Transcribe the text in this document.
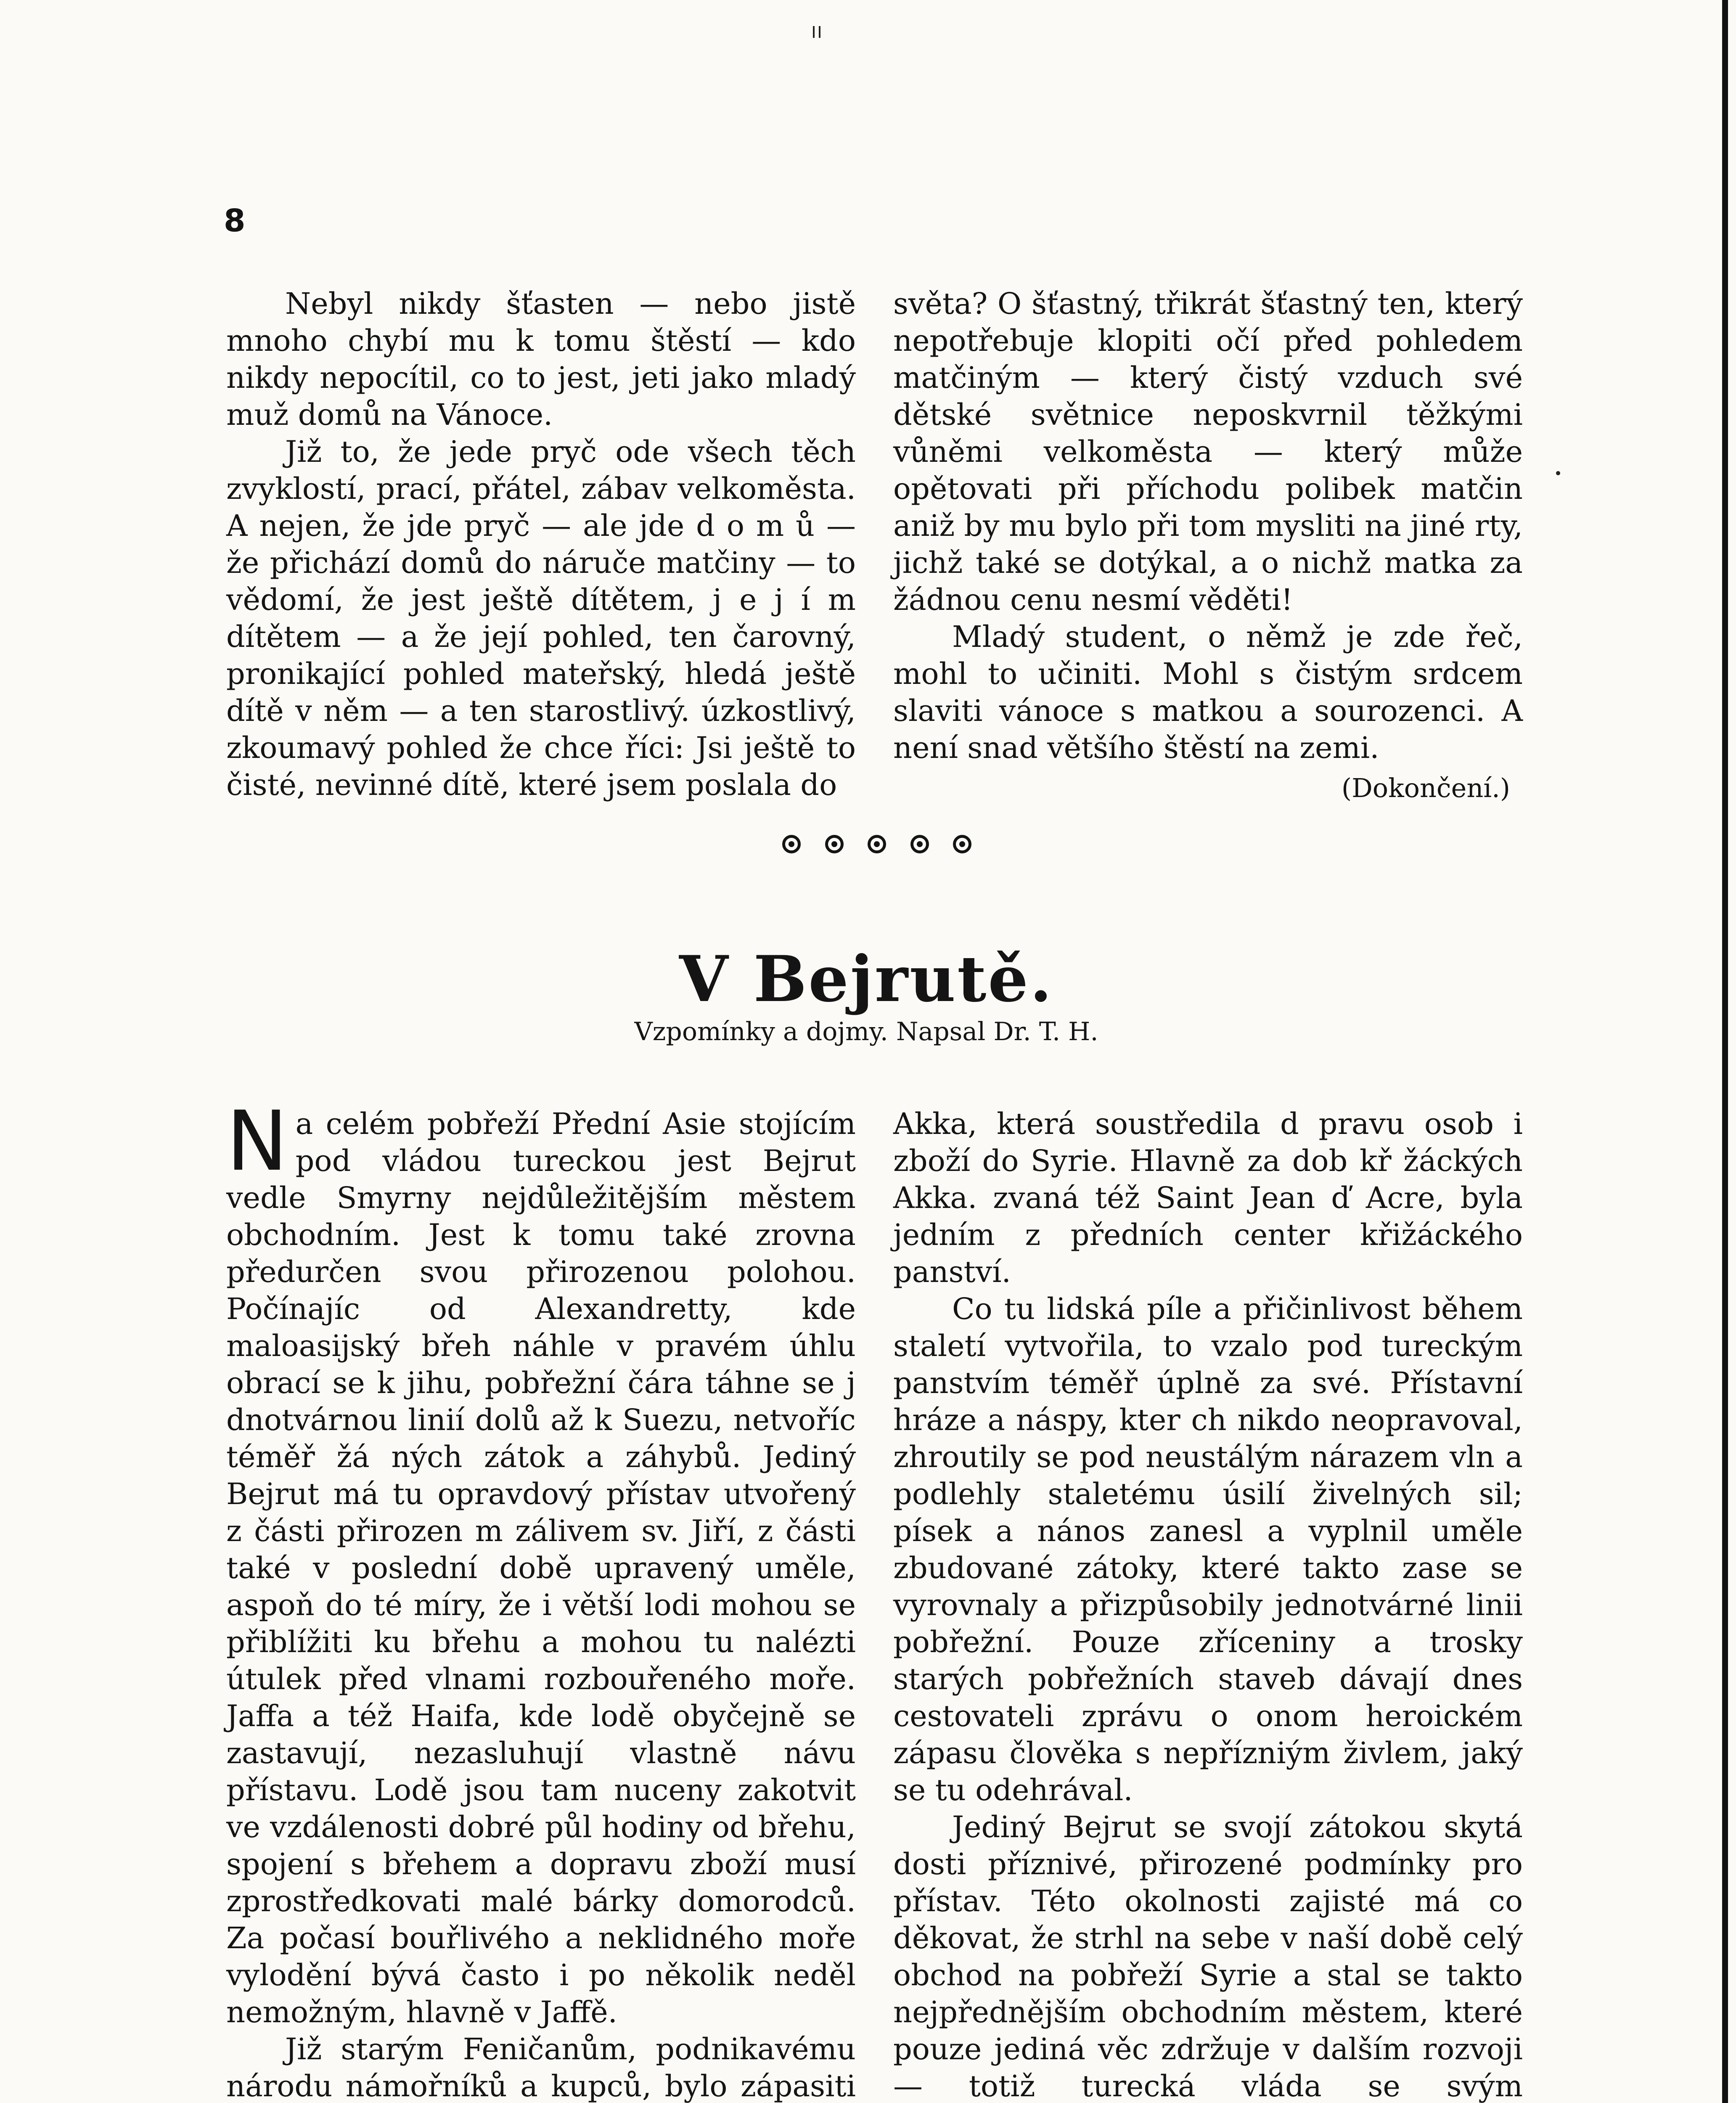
8

Nebyl nikdy šťasten — nebo jistě mnoho chybí mu k tomu štěstí — kdo nikdy nepocítil, co to jest, jeti jako mladý muž domů na Vánoce.

Již to, že jede pryč ode všech těch zvyklostí, prací, přátel, zábav velkoměsta. A nejen, že jde pryč — ale jde d o m ů — že přichází domů do náruče matčiny — to vědomí, že jest ještě dítětem, j e j í m dítětem — a že její pohled, ten čarovný, pronikající pohled mateřský, hledá ještě dítě v něm — a ten starostlivý. úzkostlivý, zkoumavý pohled že chce říci: Jsi ještě to čisté, nevinné dítě, které jsem poslala do

světa? O šťastný, třikrát šťastný ten, který nepotřebuje klopiti očí před pohledem matčiným — který čistý vzduch své dětské světnice neposkvrnil těžkými vůněmi velkoměsta — který může opětovati při příchodu polibek matčin aniž by mu bylo při tom mysliti na jiné rty, jichž také se dotýkal, a o nichž matka za žádnou cenu nesmí věděti!

Mladý student, o němž je zde řeč, mohl to učiniti. Mohl s čistým srdcem slaviti vánoce s matkou a sourozenci. A není snad většího štěstí na zemi.

(Dokončení.)
V Bejrutě.
Vzpomínky a dojmy. Napsal Dr. T. H.

Na celém pobřeží Přední Asie stojícím pod vládou tureckou jest Bejrut vedle Smyrny nejdůležitějším městem obchodním. Jest k tomu také zrovna předurčen svou přirozenou polohou. Počínajíc od Alexandretty, kde maloasijský břeh náhle v pravém úhlu obrací se k jihu, pobřežní čára táhne se j dnotvárnou linií dolů až k Suezu, netvoříc téměř žá ných zátok a záhybů. Jediný Bejrut má tu opravdový přístav utvořený z části přirozen m zálivem sv. Jiří, z části také v poslední době upravený uměle, aspoň do té míry, že i větší lodi mohou se přiblížiti ku břehu a mohou tu nalézti útulek před vlnami rozbouřeného moře. Jaffa a též Haifa, kde lodě obyčejně se zastavují, nezasluhují vlastně návu přístavu. Lodě jsou tam nuceny zakotvit ve vzdálenosti dobré půl hodiny od břehu, spojení s břehem a dopravu zboží musí zprostředkovati malé bárky domorodců. Za počasí bouřlivého a neklidného moře vylodění bývá často i po několik neděl nemožným, hlavně v Jaffě.

Již starým Feničanům, podnikavému národu námořníků a kupců, bylo zápasiti

Akka, která soustředila d pravu osob i zboží do Syrie. Hlavně za dob kř žáckých Akka. zvaná též Saint Jean ď Acre, byla jedním z předních center křižáckého panství.

Co tu lidská píle a přičinlivost během staletí vytvořila, to vzalo pod tureckým panstvím téměř úplně za své. Přístavní hráze a náspy, kter ch nikdo neopravoval, zhroutily se pod neustálým nárazem vln a podlehly staletému úsilí živelných sil; písek a nános zanesl a vyplnil uměle zbudované zátoky, které takto zase se vyrovnaly a přizpůsobily jednotvárné linii pobřežní. Pouze zříceniny a trosky starých pobřežních staveb dávají dnes cestovateli zprávu o onom heroickém zápasu člověka s nepřízniým živlem, jaký se tu odehrával.

Jediný Bejrut se svojí zátokou skytá dosti příznivé, přirozené podmínky pro přístav. Této okolnosti zajisté má co děkovat, že strhl na sebe v naší době celý obchod na pobřeží Syrie a stal se takto nejpřednějším obchodním městem, které pouze jediná věc zdržuje v dalším rozvoji — totiž turecká vláda se svým
